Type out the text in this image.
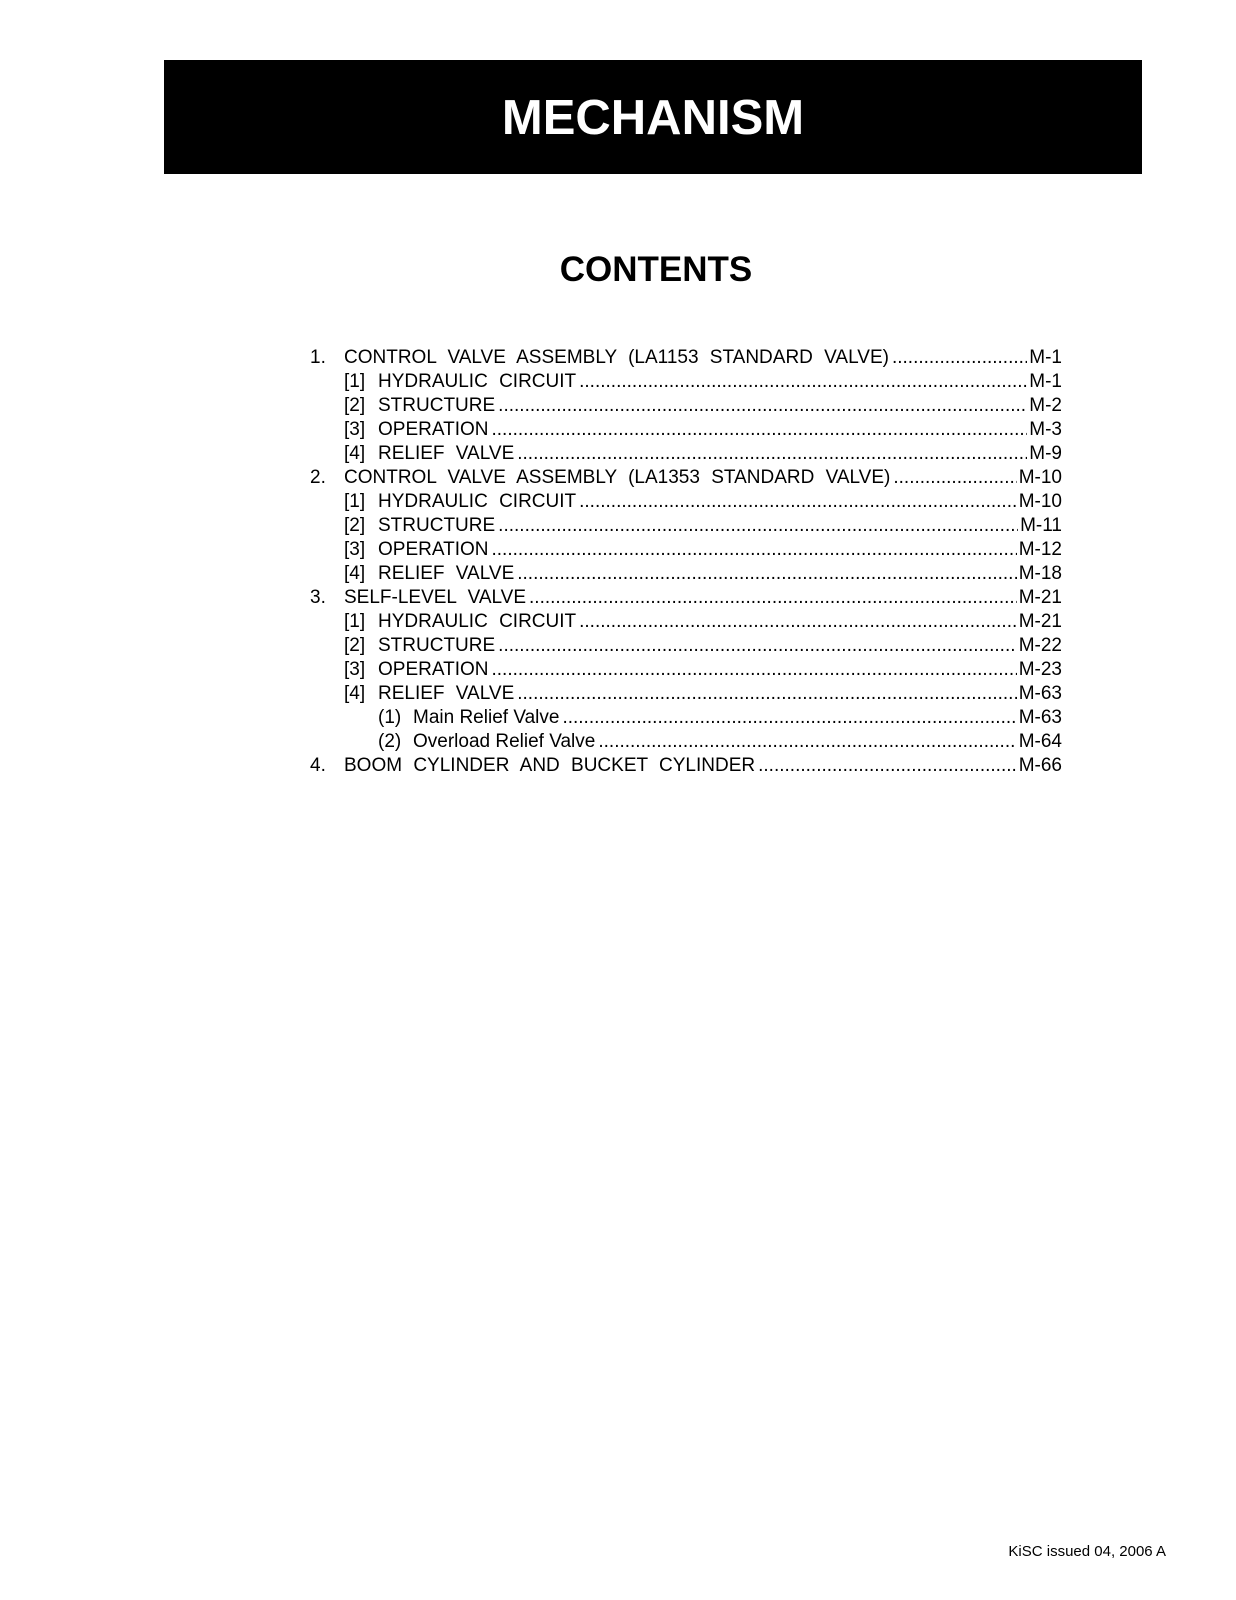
MECHANISM
CONTENTS
1. CONTROL VALVE ASSEMBLY (LA1153 STANDARD VALVE) .....	M-1
[1] HYDRAULIC CIRCUIT .....	M-1
[2] STRUCTURE .....	M-2
[3] OPERATION .....	M-3
[4] RELIEF VALVE .....	M-9
2. CONTROL VALVE ASSEMBLY (LA1353 STANDARD VALVE) .....	M-10
[1] HYDRAULIC CIRCUIT .....	M-10
[2] STRUCTURE .....	M-11
[3] OPERATION .....	M-12
[4] RELIEF VALVE .....	M-18
3. SELF-LEVEL VALVE .....	M-21
[1] HYDRAULIC CIRCUIT .....	M-21
[2] STRUCTURE .....	M-22
[3] OPERATION .....	M-23
[4] RELIEF VALVE .....	M-63
(1) Main Relief Valve .....	M-63
(2) Overload Relief Valve .....	M-64
4. BOOM CYLINDER AND BUCKET CYLINDER .....	M-66
KiSC issued 04, 2006 A
